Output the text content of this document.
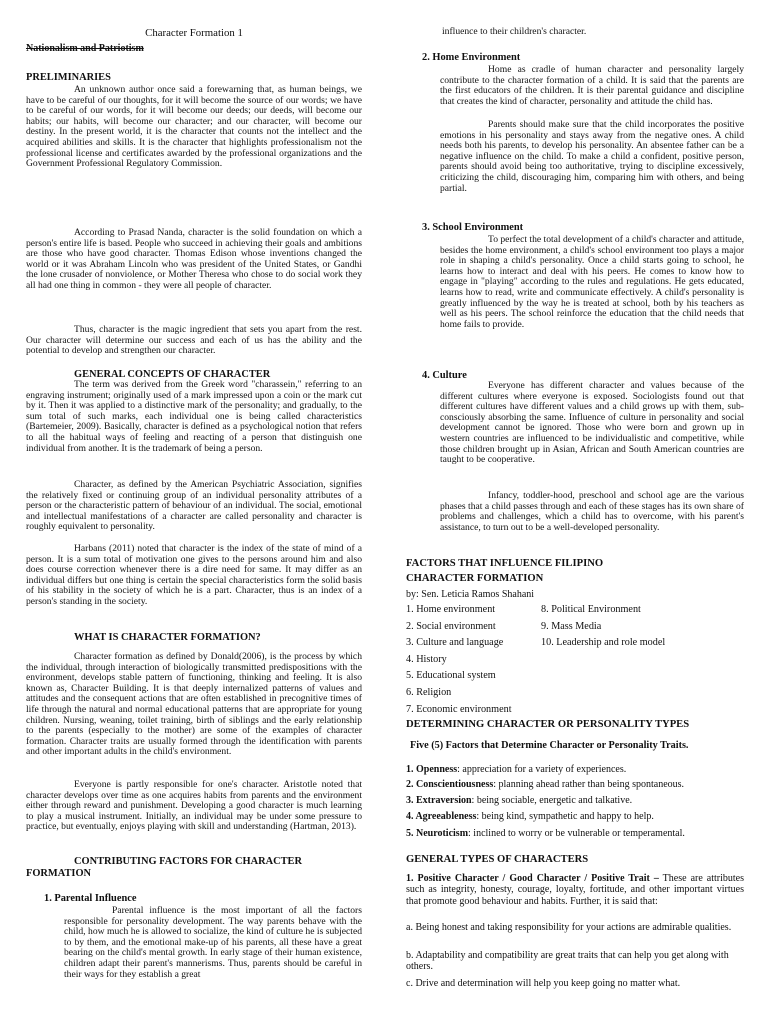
Character Formation 1
Nationalism and Patriotism
PRELIMINARIES

An unknown author once said a forewarning that, as human beings, we have to be careful of our thoughts, for it will become the source of our words; we have to be careful of our words, for it will become our deeds; our deeds, will become our habits; our habits, will become our character; and our character, will become our destiny. In the present world, it is the character that counts not the intellect and the acquired abilities and skills. It is the character that highlights professionalism not the professional license and certificates awarded by the professional organizations and the Government Professional Regulatory Commission.

According to Prasad Nanda, character is the solid foundation on which a person's entire life is based. People who succeed in achieving their goals and ambitions are those who have good character. Thomas Edison whose inventions changed the world or it was Abraham Lincoln who was president of the United States, or Gandhi the lone crusader of nonviolence, or Mother Theresa who chose to do social work they all had one thing in common - they were all people of character.

Thus, character is the magic ingredient that sets you apart from the rest. Our character will determine our success and each of us has the ability and the potential to develop and strengthen our character.

GENERAL CONCEPTS OF CHARACTER

The term was derived from the Greek word "charassein," referring to an engraving instrument; originally used of a mark impressed upon a coin or the mark cut by it. Then it was applied to a distinctive mark of the personality; and gradually, to the sum total of such marks, each individual one is being called characteristics (Bartemeier, 2009). Basically, character is defined as a psychological notion that refers to all the habitual ways of feeling and reacting of a person that distinguish one individual from another. It is the trademark of being a person.

Character, as defined by the American Psychiatric Association, signifies the relatively fixed or continuing group of an individual personality attributes of a person or the characteristic pattern of behaviour of an individual. The social, emotional and intellectual manifestations of a character are called personality and character is roughly equivalent to personality.

Harbans (2011) noted that character is the index of the state of mind of a person. It is a sum total of motivation one gives to the persons around him and also does course correction whenever there is a dire need for same. It may differ as an individual differs but one thing is certain the special characteristics form the solid basis of his stability in the society of which he is a part. Character, thus is an index of a person's standing in the society.

WHAT IS CHARACTER FORMATION?

Character formation as defined by Donald(2006), is the process by which the individual, through interaction of biologically transmitted predispositions with the environment, develops stable pattern of functioning, thinking and feeling. It is also known as, Character Building. It is that deeply internalized patterns of values and attitudes and the consequent actions that are often established in precognitive times of life through the natural and normal educational patterns that are appropriate for young children. Nursing, weaning, toilet training, birth of siblings and the early relationship to the parents (especially to the mother) are some of the examples of character formation. Character traits are usually formed through the identification with parents and other important adults in the child's environment.

Everyone is partly responsible for one's character. Aristotle noted that character develops over time as one acquires habits from parents and the environment either through reward and punishment. Developing a good character is much learning to play a musical instrument. Initially, an individual may be under some pressure to practice, but eventually, enjoys playing with skill and understanding (Hartman, 2013).

CONTRIBUTING FACTORS FOR CHARACTER FORMATION
1. Parental Influence

Parental influence is the most important of all the factors responsible for personality development. The way parents behave with the child, how much he is allowed to socialize, the kind of culture he is subjected to by them, and the emotional make-up of his parents, all these have a great bearing on the child's mental growth. In early stage of their human existence, children adapt their parent's mannerisms. Thus, parents should be careful in their ways for they establish a great

influence to their children's character.

2. Home Environment

Home as cradle of human character and personality largely contribute to the character formation of a child. It is said that the parents are the first educators of the children. It is their parental guidance and discipline that creates the kind of character, personality and attitude the child has.

Parents should make sure that the child incorporates the positive emotions in his personality and stays away from the negative ones. A child needs both his parents, to develop his personality. An absentee father can be a negative influence on the child. To make a child a confident, positive person, parents should avoid being too authoritative, trying to discipline excessively, criticizing the child, discouraging him, comparing him with others, and being partial.

3. School Environment

To perfect the total development of a child's character and attitude, besides the home environment, a child's school environment too plays a major role in shaping a child's personality. Once a child starts going to school, he learns how to interact and deal with his peers. He comes to know how to engage in "playing" according to the rules and regulations. He gets educated, learns how to read, write and communicate effectively. A child's personality is greatly influenced by the way he is treated at school, both by his teachers as well as his peers. The school reinforce the education that the child needs that home fails to provide.

4. Culture

Everyone has different character and values because of the different cultures where everyone is exposed. Sociologists found out that different cultures have different values and a child grows up with them, sub-consciously absorbing the same. Influence of culture in personality and social development cannot be ignored. Those who were born and grown up in western countries are influenced to be individualistic and competitive, while those children brought up in Asian, African and South American countries are taught to be cooperative.

Infancy, toddler-hood, preschool and school age are the various phases that a child passes through and each of these stages has its own share of problems and challenges, which a child has to overcome, with his parent's assistance, to turn out to be a well-developed personality.

FACTORS THAT INFLUENCE FILIPINO
CHARACTER FORMATION
by: Sen. Leticia Ramos Shahani
1. Home environment
2. Social environment
3. Culture and language
4. History
5. Educational system
6. Religion
7. Economic environment
8. Political Environment
9. Mass Media
10. Leadership and role model
DETERMINING CHARACTER OR PERSONALITY TYPES
Five (5) Factors that Determine Character or Personality Traits.
1. Openness: appreciation for a variety of experiences.
2. Conscientiousness: planning ahead rather than being spontaneous.
3. Extraversion: being sociable, energetic and talkative.
4. Agreeableness: being kind, sympathetic and happy to help.
5. Neuroticism: inclined to worry or be vulnerable or temperamental.
GENERAL TYPES OF CHARACTERS

1. Positive Character / Good Character / Positive Trait – These are attributes such as integrity, honesty, courage, loyalty, fortitude, and other important virtues that promote good behaviour and habits. Further, it is said that:

a. Being honest and taking responsibility for your actions are admirable qualities.

b. Adaptability and compatibility are great traits that can help you get along with others.

c. Drive and determination will help you keep going no matter what.
